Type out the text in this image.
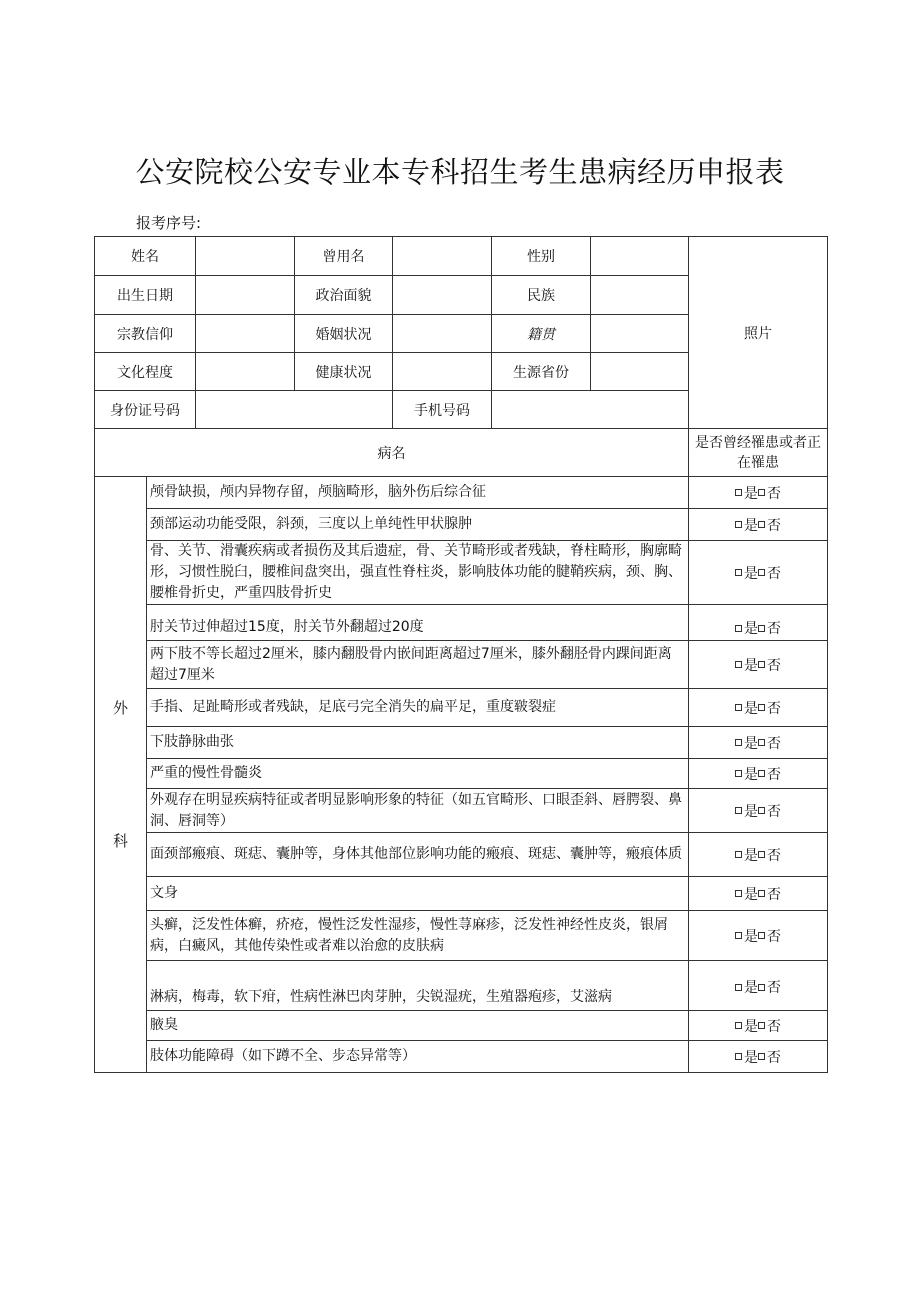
公安院校公安专业本专科招生考生患病经历申报表
报考序号:
姓名			曾用名		性别		照片
出生日期			政治面貌		民族		
宗教信仰			婚姻状况		籍贯		
文化程度			健康状况		生源省份		
身份证号码				手机号码			
病名							是否曾经罹患或者正在罹患

外
科	颅骨缺损，颅内异物存留，颅脑畸形，脑外伤后综合征						是 否
	颈部运动功能受限，斜颈，三度以上单纯性甲状腺肿						是 否
	骨、关节、滑囊疾病或者损伤及其后遗症，骨、关节畸形或者残缺，脊柱畸形，胸廓畸形，习惯性脱臼，腰椎间盘突出，强直性脊柱炎，影响肢体功能的腱鞘疾病，颈、胸、腰椎骨折史，严重四肢骨折史						是 否
	肘关节过伸超过15度，肘关节外翻超过20度						是 否
	两下肢不等长超过2厘米，膝内翻股骨内嵌间距离超过7厘米，膝外翻胫骨内踝间距离超过7厘米						是 否
	手指、足趾畸形或者残缺，足底弓完全消失的扁平足，重度皲裂症						是 否
	下肢静脉曲张						是 否
	严重的慢性骨髓炎						是 否
	外观存在明显疾病特征或者明显影响形象的特征（如五官畸形、口眼歪斜、唇腭裂、鼻洞、唇洞等）						是 否
	面颈部瘢痕、斑痣、囊肿等，身体其他部位影响功能的瘢痕、斑痣、囊肿等，瘢痕体质						是 否
	文身						是 否
	头癣，泛发性体癣，疥疮，慢性泛发性湿疹，慢性荨麻疹，泛发性神经性皮炎，银屑病，白癜风，其他传染性或者难以治愈的皮肤病						是 否
	淋病，梅毒，软下疳，性病性淋巴肉芽肿，尖锐湿疣，生殖器疱疹，艾滋病						是 否
	腋臭						是 否
	肢体功能障碍（如下蹲不全、步态异常等）						是 否
